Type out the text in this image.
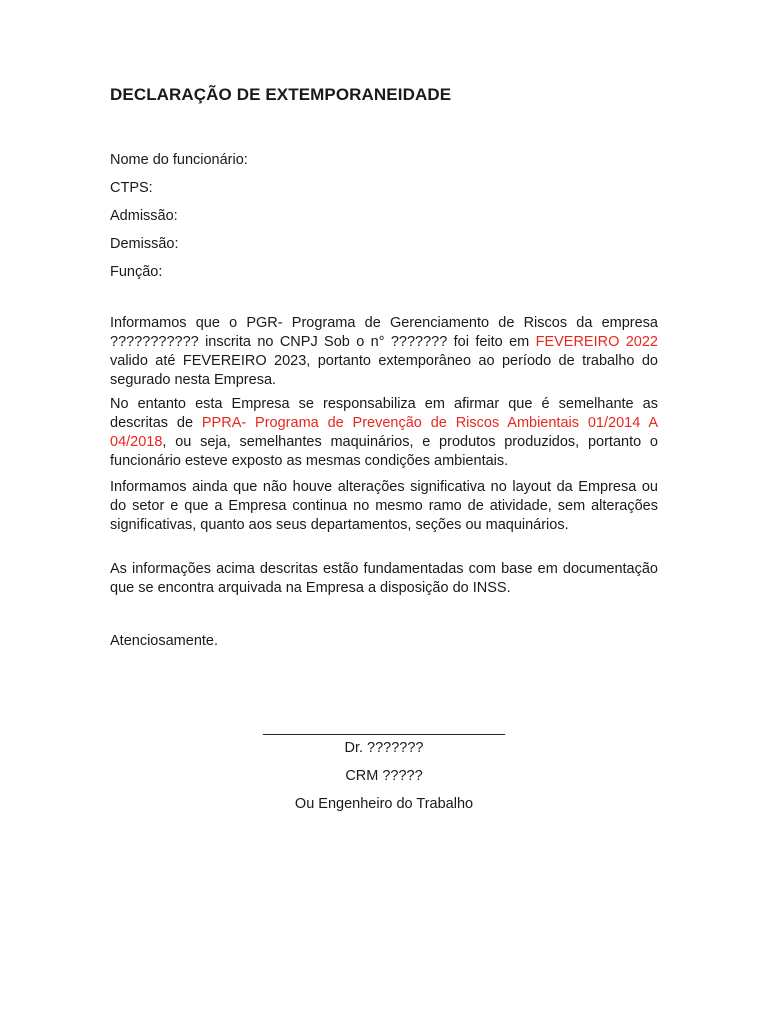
DECLARAÇÃO DE EXTEMPORANEIDADE
Nome do funcionário:
CTPS:
Admissão:
Demissão:
Função:

Informamos que o PGR- Programa de Gerenciamento de Riscos da empresa ??????????? inscrita no CNPJ Sob o n° ??????? foi feito em FEVEREIRO 2022 valido até FEVEREIRO 2023, portanto extemporâneo ao período de trabalho do segurado nesta Empresa.

No entanto esta Empresa se responsabiliza em afirmar que é semelhante as descritas de PPRA- Programa de Prevenção de Riscos Ambientais 01/2014 A 04/2018, ou seja, semelhantes maquinários, e produtos produzidos, portanto o funcionário esteve exposto as mesmas condições ambientais.

Informamos ainda que não houve alterações significativa no layout da Empresa ou do setor e que a Empresa continua no mesmo ramo de atividade, sem alterações significativas, quanto aos seus departamentos, seções ou maquinários.

As informações acima descritas estão fundamentadas com base em documentação que se encontra arquivada na Empresa a disposição do INSS.

Atenciosamente.
______________________________
Dr. ???????
CRM ?????
Ou Engenheiro do Trabalho
